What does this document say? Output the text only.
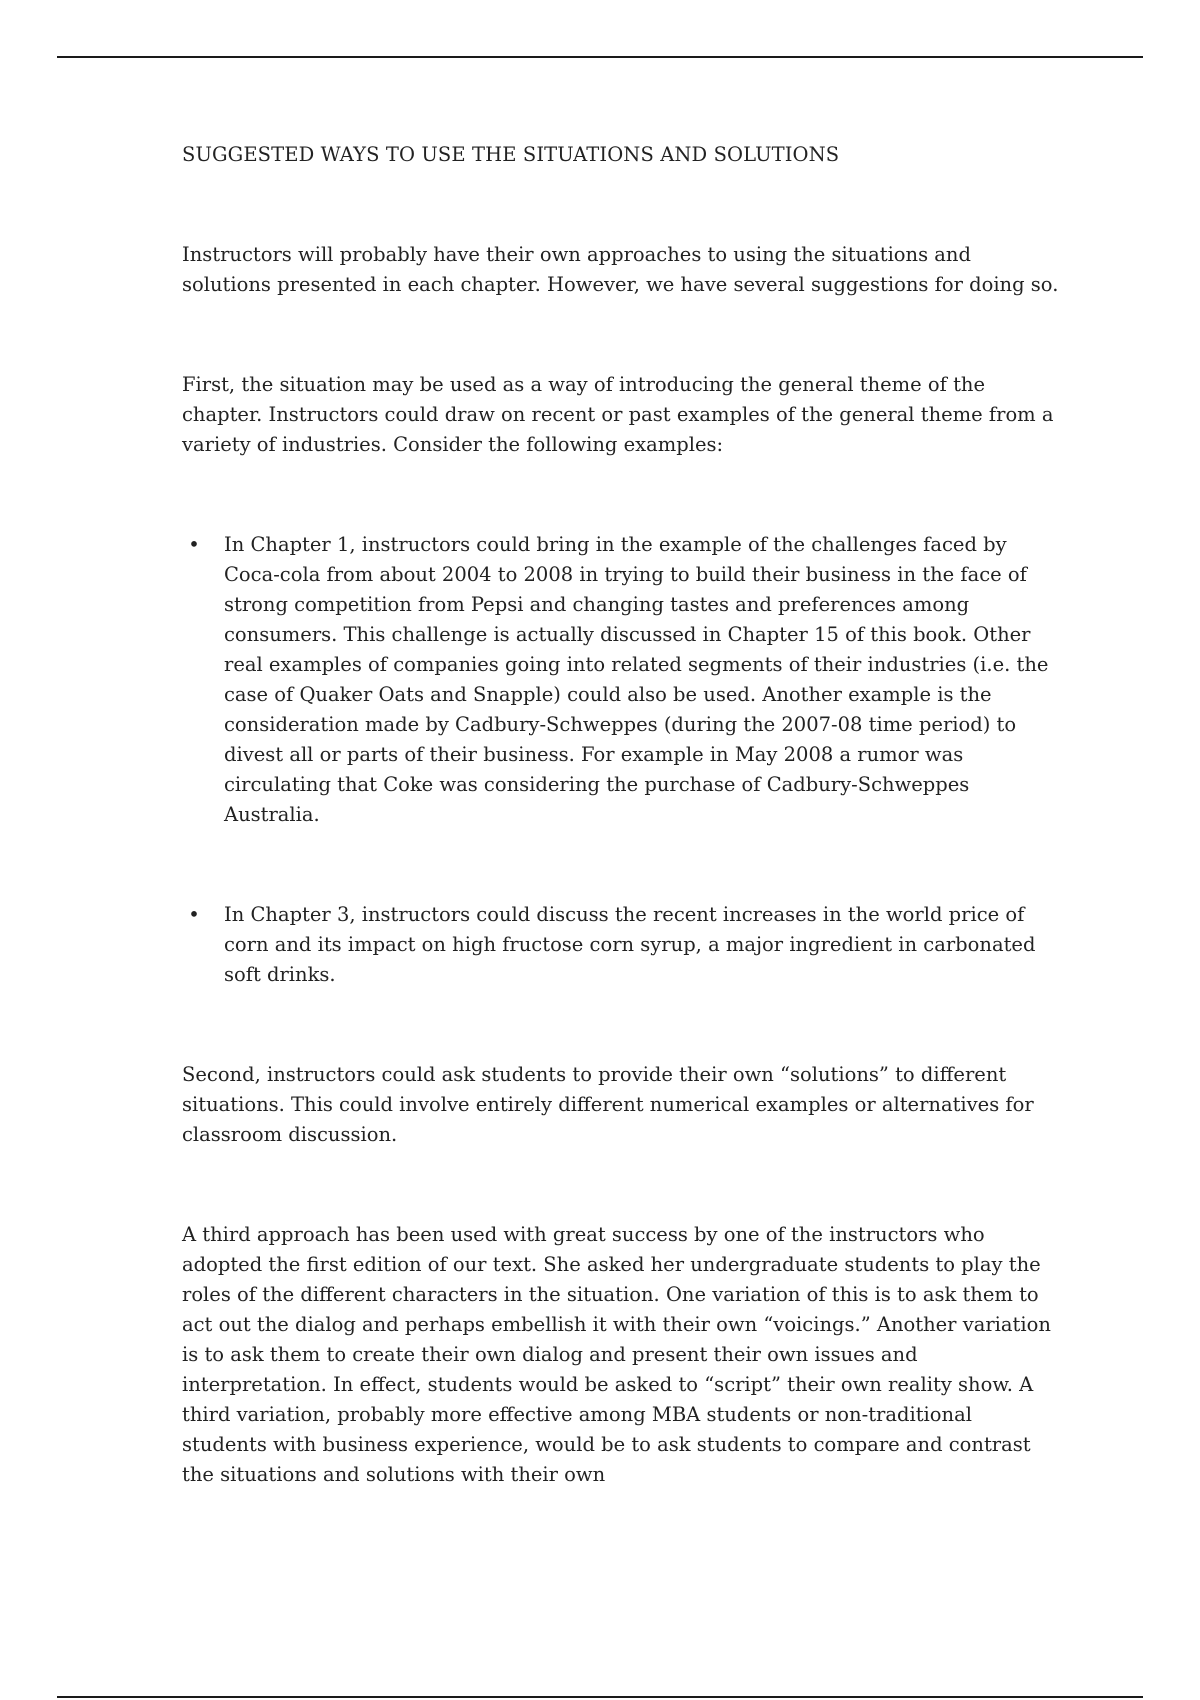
SUGGESTED WAYS TO USE THE SITUATIONS AND SOLUTIONS

Instructors will probably have their own approaches to using the situations and solutions presented in each chapter. However, we have several suggestions for doing so.

First, the situation may be used as a way of introducing the general theme of the chapter. Instructors could draw on recent or past examples of the general theme from a variety of industries. Consider the following examples:

• In Chapter 1, instructors could bring in the example of the challenges faced by Coca-cola from about 2004 to 2008 in trying to build their business in the face of strong competition from Pepsi and changing tastes and preferences among consumers. This challenge is actually discussed in Chapter 15 of this book. Other real examples of companies going into related segments of their industries (i.e. the case of Quaker Oats and Snapple) could also be used. Another example is the consideration made by Cadbury-Schweppes (during the 2007-08 time period) to divest all or parts of their business. For example in May 2008 a rumor was circulating that Coke was considering the purchase of Cadbury-Schweppes Australia.
• In Chapter 3, instructors could discuss the recent increases in the world price of corn and its impact on high fructose corn syrup, a major ingredient in carbonated soft drinks.

Second, instructors could ask students to provide their own “solutions” to different situations. This could involve entirely different numerical examples or alternatives for classroom discussion.

A third approach has been used with great success by one of the instructors who adopted the first edition of our text. She asked her undergraduate students to play the roles of the different characters in the situation. One variation of this is to ask them to act out the dialog and perhaps embellish it with their own “voicings.” Another variation is to ask them to create their own dialog and present their own issues and interpretation. In effect, students would be asked to “script” their own reality show. A third variation, probably more effective among MBA students or non-traditional students with business experience, would be to ask students to compare and contrast the situations and solutions with their own
